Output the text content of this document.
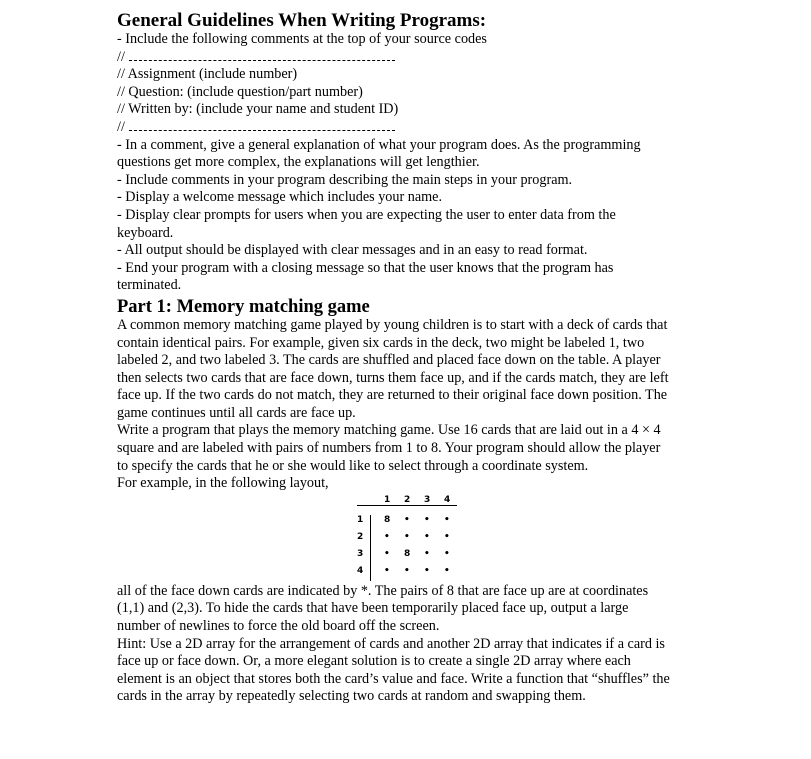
General Guidelines When Writing Programs:

- Include the following comments at the top of your source codes

//

// Assignment (include number)

// Question: (include question/part number)

// Written by: (include your name and student ID)

//

- In a comment, give a general explanation of what your program does. As the programming

questions get more complex, the explanations will get lengthier.

- Include comments in your program describing the main steps in your program.

- Display a welcome message which includes your name.

- Display clear prompts for users when you are expecting the user to enter data from the

keyboard.

- All output should be displayed with clear messages and in an easy to read format.

- End your program with a closing message so that the user knows that the program has

terminated.

Part 1: Memory matching game

A common memory matching game played by young children is to start with a deck of cards that

contain identical pairs. For example, given six cards in the deck, two might be labeled 1, two

labeled 2, and two labeled 3. The cards are shuffled and placed face down on the table. A player

then selects two cards that are face down, turns them face up, and if the cards match, they are left

face up. If the two cards do not match, they are returned to their original face down position. The

game continues until all cards are face up.

Write a program that plays the memory matching game. Use 16 cards that are laid out in a 4 × 4

square and are labeled with pairs of numbers from 1 to 8. Your program should allow the player

to specify the cards that he or she would like to select through a coordinate system.

For example, in the following layout,

1 2 3 4
1
2
3
4
8 • • •
• • • •
• 8 • •
• • • •

all of the face down cards are indicated by *. The pairs of 8 that are face up are at coordinates

(1,1) and (2,3). To hide the cards that have been temporarily placed face up, output a large

number of newlines to force the old board off the screen.

Hint: Use a 2D array for the arrangement of cards and another 2D array that indicates if a card is

face up or face down. Or, a more elegant solution is to create a single 2D array where each

element is an object that stores both the card’s value and face. Write a function that “shuffles” the

cards in the array by repeatedly selecting two cards at random and swapping them.
